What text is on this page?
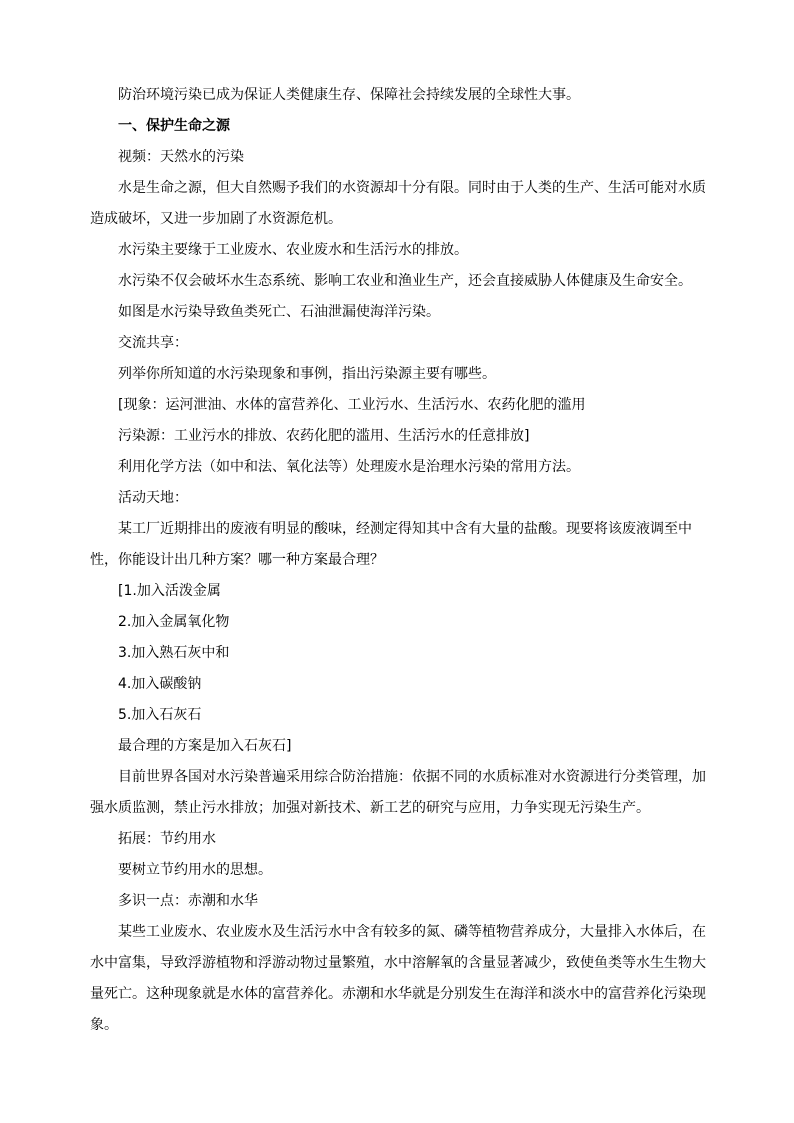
防治环境污染已成为保证人类健康生存、保障社会持续发展的全球性大事。

一、保护生命之源

视频：天然水的污染

水是生命之源，但大自然赐予我们的水资源却十分有限。同时由于人类的生产、生活可能对水质造成破坏，又进一步加剧了水资源危机。

水污染主要缘于工业废水、农业废水和生活污水的排放。

水污染不仅会破坏水生态系统、影响工农业和渔业生产，还会直接威胁人体健康及生命安全。

如图是水污染导致鱼类死亡、石油泄漏使海洋污染。

交流共享：

列举你所知道的水污染现象和事例，指出污染源主要有哪些。

[现象：运河泄油、水体的富营养化、工业污水、生活污水、农药化肥的滥用

污染源：工业污水的排放、农药化肥的滥用、生活污水的任意排放]

利用化学方法（如中和法、氧化法等）处理废水是治理水污染的常用方法。

活动天地：

某工厂近期排出的废液有明显的酸味，经测定得知其中含有大量的盐酸。现要将该废液调至中性，你能设计出几种方案？哪一种方案最合理？

[1.加入活泼金属

2.加入金属氧化物

3.加入熟石灰中和

4.加入碳酸钠

5.加入石灰石

最合理的方案是加入石灰石]

目前世界各国对水污染普遍采用综合防治措施：依据不同的水质标准对水资源进行分类管理，加强水质监测，禁止污水排放；加强对新技术、新工艺的研究与应用，力争实现无污染生产。

拓展：节约用水

要树立节约用水的思想。

多识一点：赤潮和水华

某些工业废水、农业废水及生活污水中含有较多的氮、磷等植物营养成分，大量排入水体后，在水中富集，导致浮游植物和浮游动物过量繁殖，水中溶解氧的含量显著减少，致使鱼类等水生生物大量死亡。这种现象就是水体的富营养化。赤潮和水华就是分别发生在海洋和淡水中的富营养化污染现象。
